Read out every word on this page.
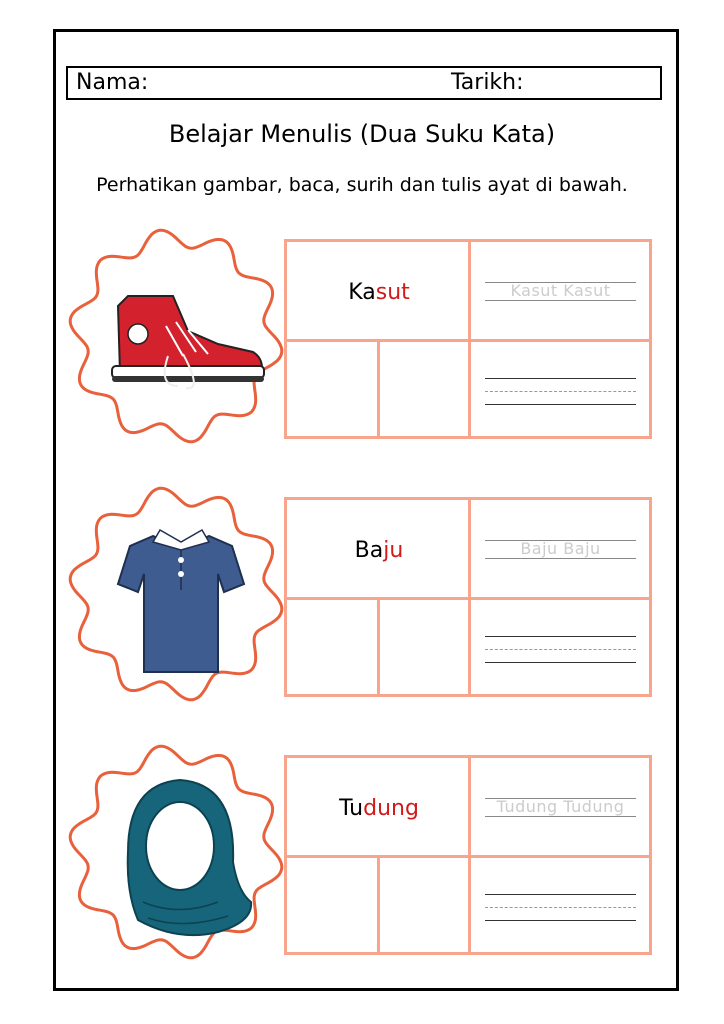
Nama:	Tarikh:
Belajar Menulis (Dua Suku Kata)
Perhatikan gambar, baca, surih dan tulis ayat di bawah.
Ka sut	Kasut Kasut
Ba ju	Baju Baju
Tu dung	Tudung Tudung
